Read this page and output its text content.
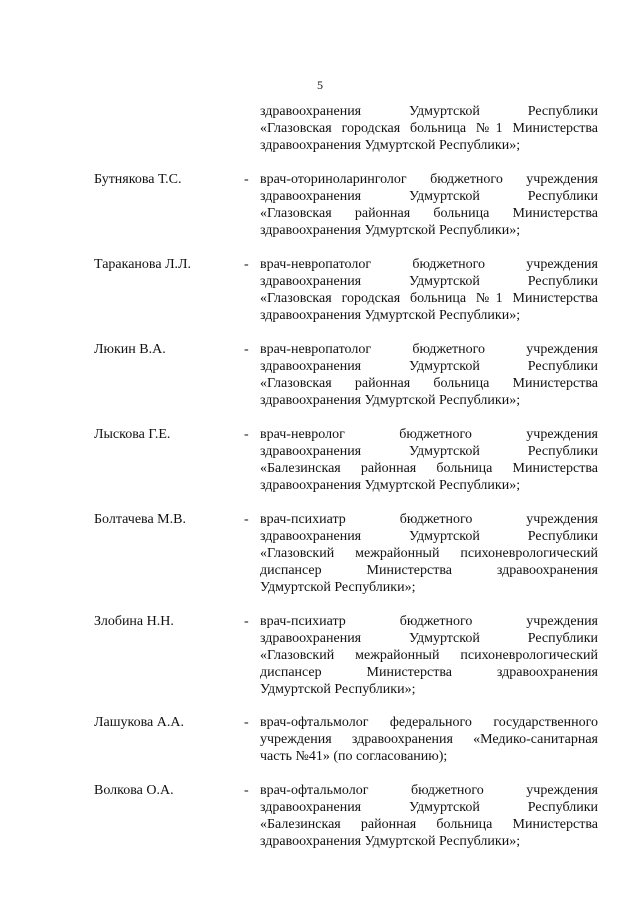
5
здравоохранения Удмуртской Республики
«Глазовская городская больница №1 Министерства
здравоохранения Удмуртской Республики»;
Бутнякова Т.С.	- врач-оториноларинголог бюджетного учреждения
здравоохранения Удмуртской Республики
«Глазовская районная больница Министерства
здравоохранения Удмуртской Республики»;
Тараканова Л.Л.	- врач-невропатолог бюджетного учреждения
здравоохранения Удмуртской Республики
«Глазовская городская больница №1 Министерства
здравоохранения Удмуртской Республики»;
Люкин В.А.	- врач-невропатолог бюджетного учреждения
здравоохранения Удмуртской Республики
«Глазовская районная больница Министерства
здравоохранения Удмуртской Республики»;
Лыскова Г.Е.	- врач-невролог бюджетного учреждения
здравоохранения Удмуртской Республики
«Балезинская районная больница Министерства
здравоохранения Удмуртской Республики»;
Болтачева М.В.	- врач-психиатр бюджетного учреждения
здравоохранения Удмуртской Республики
«Глазовский межрайонный психоневрологический
диспансер Министерства здравоохранения
Удмуртской Республики»;
Злобина Н.Н.	- врач-психиатр бюджетного учреждения
здравоохранения Удмуртской Республики
«Глазовский межрайонный психоневрологический
диспансер Министерства здравоохранения
Удмуртской Республики»;
Лашукова А.А.	- врач-офтальмолог федерального государственного
учреждения здравоохранения «Медико-санитарная
часть №41» (по согласованию);
Волкова О.А.	- врач-офтальмолог бюджетного учреждения
здравоохранения Удмуртской Республики
«Балезинская районная больница Министерства
здравоохранения Удмуртской Республики»;
